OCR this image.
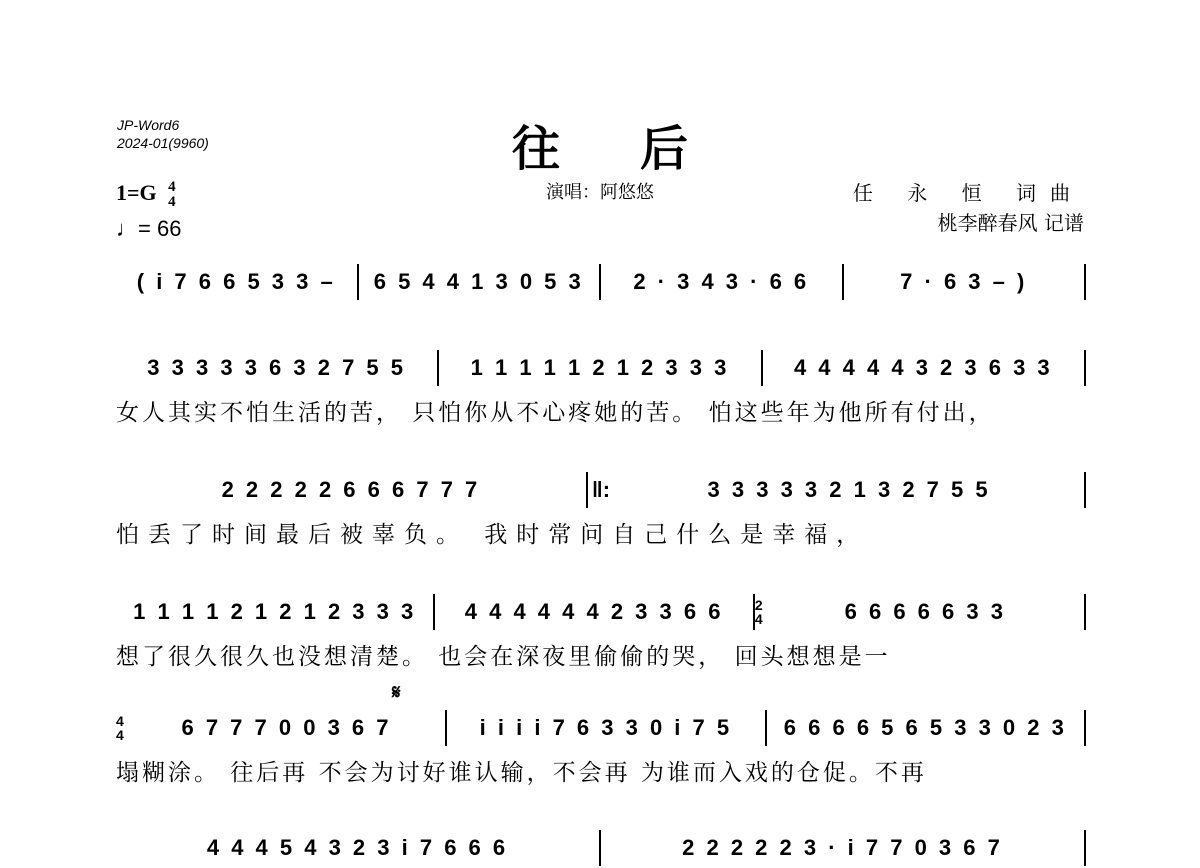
JP-Word6
2024-01(9960)	往后
演唱：阿悠悠	任 永 恒 词曲
桃李醉春风 记谱
1=G 4
4
♩= 66
( i 7 6 6 5 3 3 –	6 5 4 4 1 3 0 5 3	2 · 3 4 3 · 6 6	7 · 6 3 – )
3 3 3 3 3 6 3 2 7 5 5	1 1 1 1 1 2 1 2 3 3 3	4 4 4 4 4 3 2 3 6 3 3
女人其实不怕生活的苦， 只怕你从不心疼她的苦。 怕这些年为他所有付出，
2 2 2 2 2 6 6 6 7 7 7	‖:	3 3 3 3 3 2 1 3 2 7 5 5
怕丢了时间最后被辜负。 我时常问自己什么是幸福，
1 1 1 1 2 1 2 1 2 3 3 3	4 4 4 4 4 4 2 3 3 6 6	2
4	6 6 6 6 6 3 3
想了很久很久也没想清楚。 也会在深夜里偷偷的哭， 回头想想是一
𝄋
4
4	6 7 7 7 0 0 3 6 7	i i i i 7 6 3 3 0 i 7 5	6 6 6 6 5 6 5 3 3 0 2 3
塌糊涂。 往后再 不会为讨好谁认输，不会再 为谁而入戏的仓促。不再
4 4 4 5 4 3 2 3 i 7 6 6 6	2 2 2 2 2 3 · i 7 7 0 3 6 7
